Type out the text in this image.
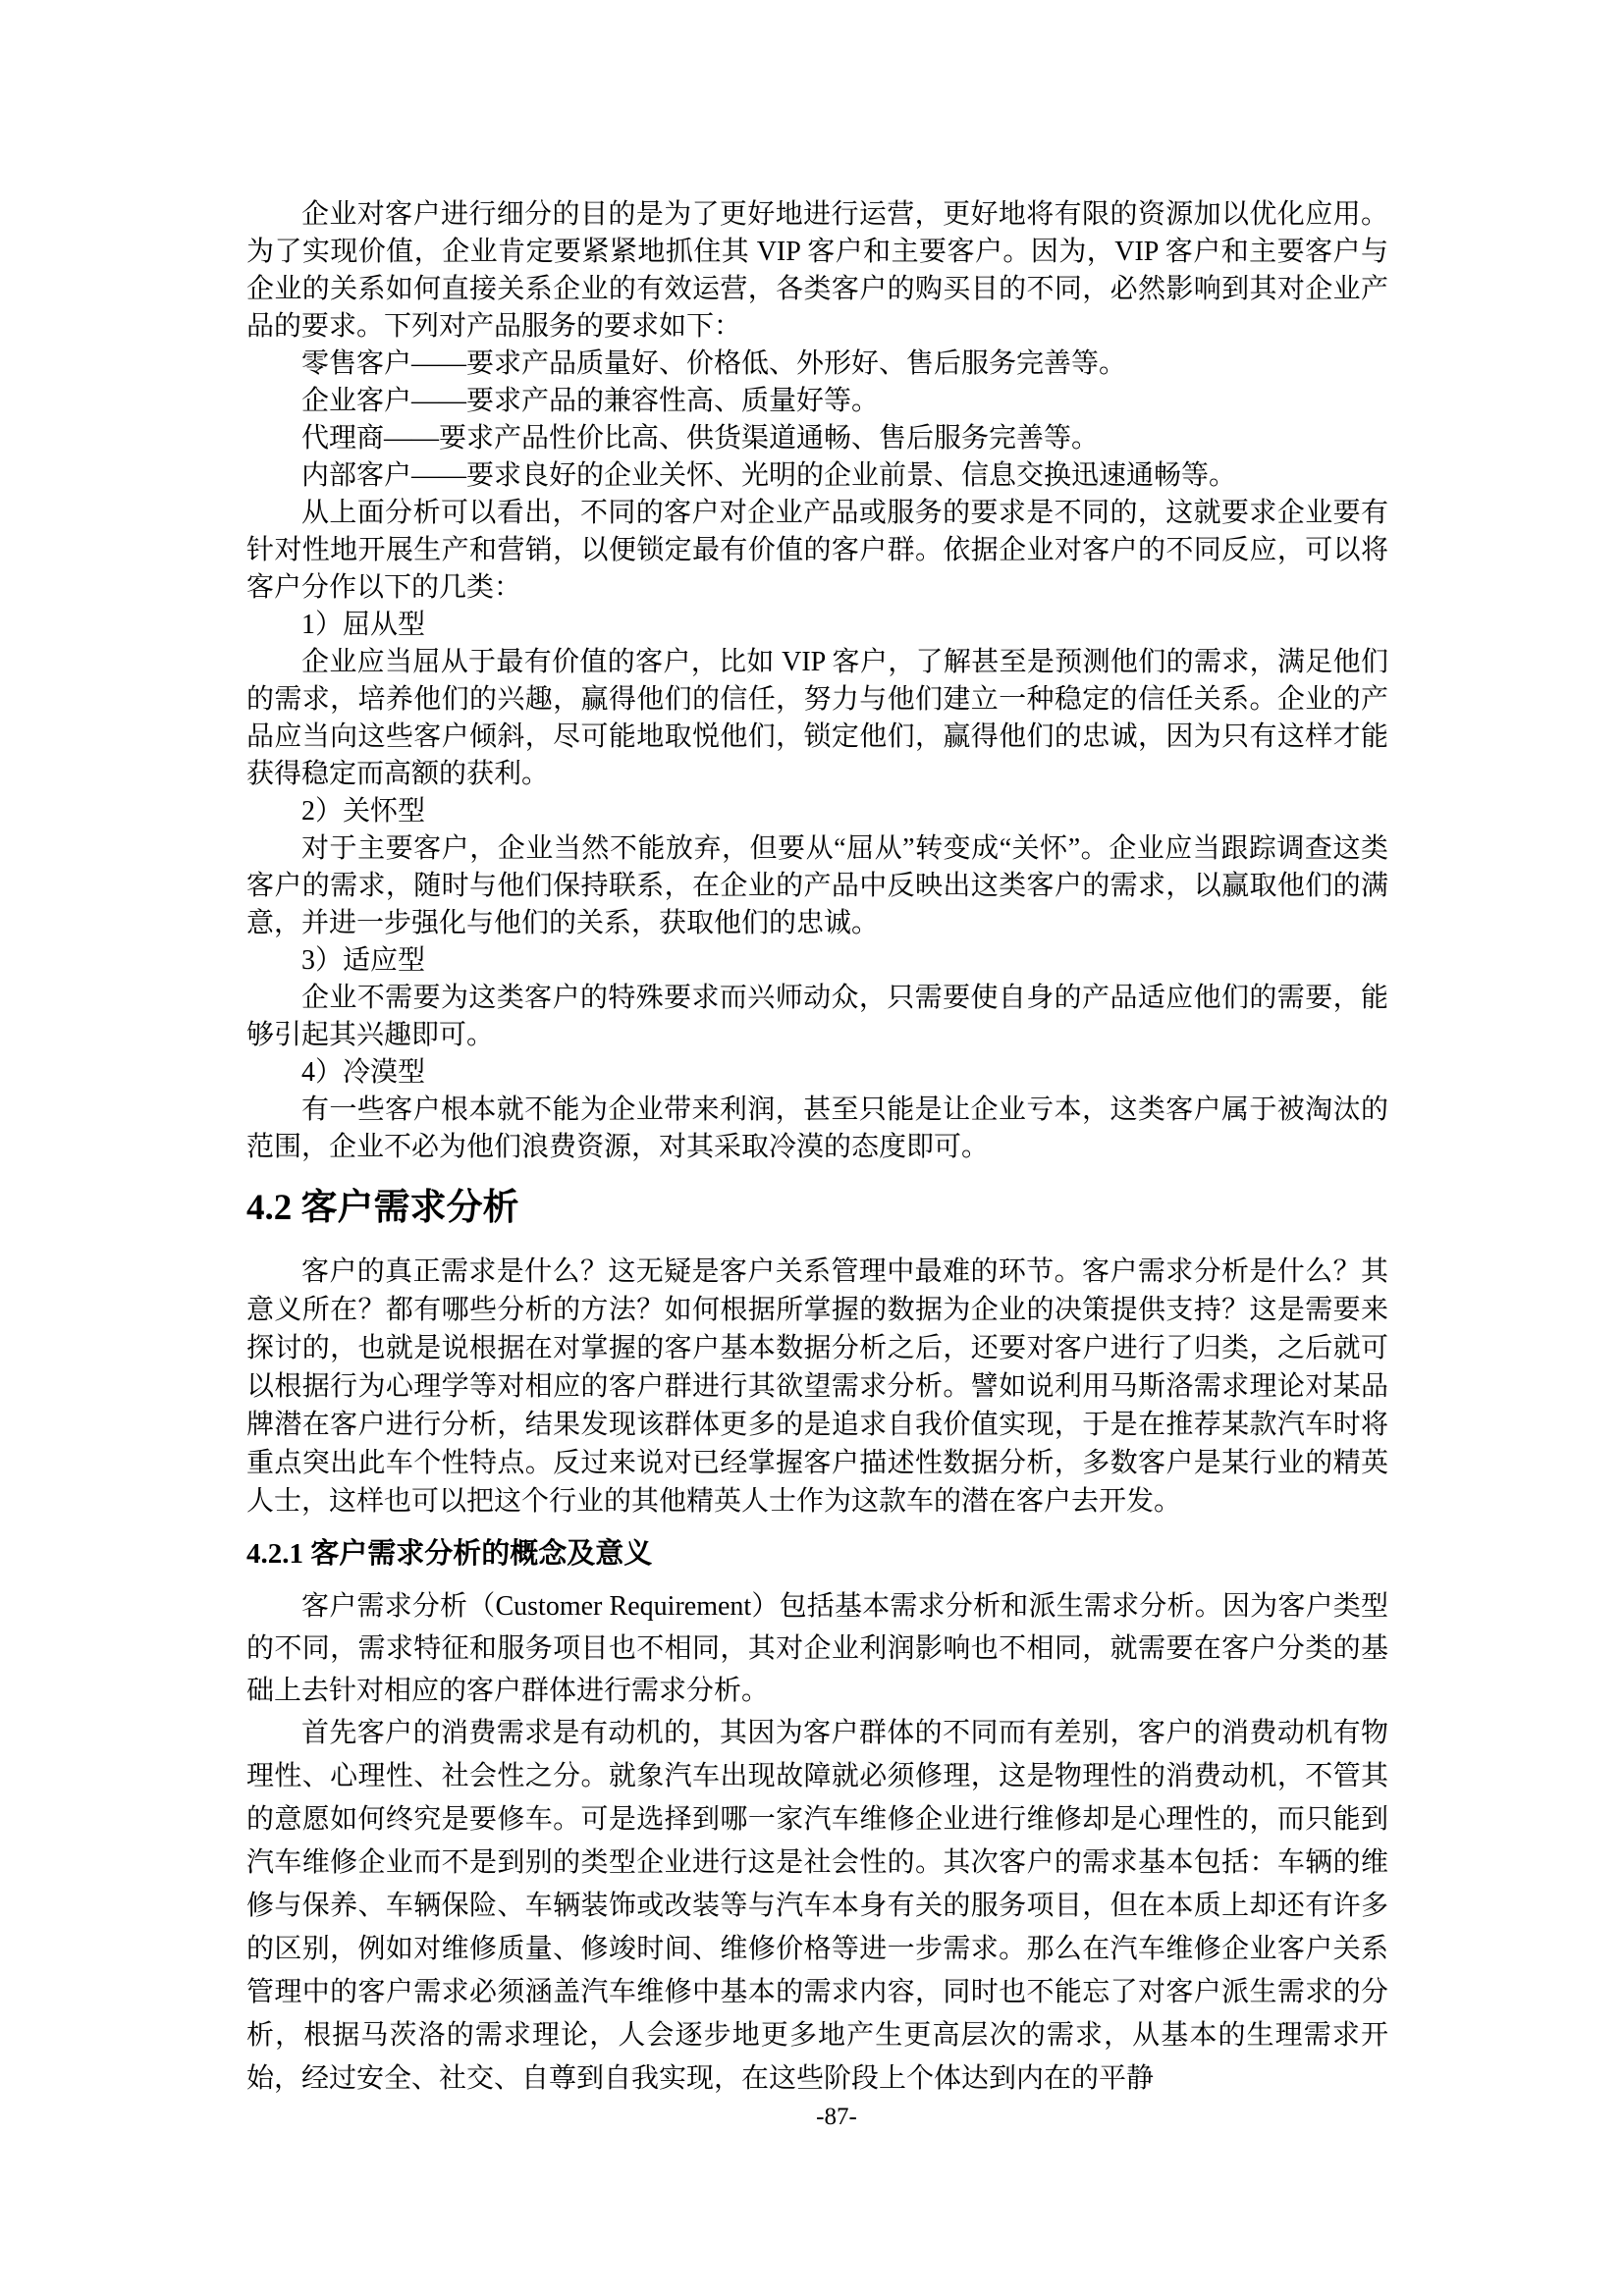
企业对客户进行细分的目的是为了更好地进行运营，更好地将有限的资源加以优化应用。为了实现价值，企业肯定要紧紧地抓住其 VIP 客户和主要客户。因为，VIP 客户和主要客户与企业的关系如何直接关系企业的有效运营，各类客户的购买目的不同，必然影响到其对企业产品的要求。下列对产品服务的要求如下：

零售客户——要求产品质量好、价格低、外形好、售后服务完善等。

企业客户——要求产品的兼容性高、质量好等。

代理商——要求产品性价比高、供货渠道通畅、售后服务完善等。

内部客户——要求良好的企业关怀、光明的企业前景、信息交换迅速通畅等。

从上面分析可以看出，不同的客户对企业产品或服务的要求是不同的，这就要求企业要有针对性地开展生产和营销，以便锁定最有价值的客户群。依据企业对客户的不同反应，可以将客户分作以下的几类：

1）屈从型

企业应当屈从于最有价值的客户，比如 VIP 客户，了解甚至是预测他们的需求，满足他们的需求，培养他们的兴趣，赢得他们的信任，努力与他们建立一种稳定的信任关系。企业的产品应当向这些客户倾斜，尽可能地取悦他们，锁定他们，赢得他们的忠诚，因为只有这样才能获得稳定而高额的获利。

2）关怀型

对于主要客户，企业当然不能放弃，但要从“屈从”转变成“关怀”。企业应当跟踪调查这类客户的需求，随时与他们保持联系，在企业的产品中反映出这类客户的需求，以赢取他们的满意，并进一步强化与他们的关系，获取他们的忠诚。

3）适应型

企业不需要为这类客户的特殊要求而兴师动众，只需要使自身的产品适应他们的需要，能够引起其兴趣即可。

4）冷漠型

有一些客户根本就不能为企业带来利润，甚至只能是让企业亏本，这类客户属于被淘汰的范围，企业不必为他们浪费资源，对其采取冷漠的态度即可。

4.2 客户需求分析

客户的真正需求是什么？这无疑是客户关系管理中最难的环节。客户需求分析是什么？其意义所在？都有哪些分析的方法？如何根据所掌握的数据为企业的决策提供支持？这是需要来探讨的，也就是说根据在对掌握的客户基本数据分析之后，还要对客户进行了归类，之后就可以根据行为心理学等对相应的客户群进行其欲望需求分析。譬如说利用马斯洛需求理论对某品牌潜在客户进行分析，结果发现该群体更多的是追求自我价值实现，于是在推荐某款汽车时将重点突出此车个性特点。反过来说对已经掌握客户描述性数据分析，多数客户是某行业的精英人士，这样也可以把这个行业的其他精英人士作为这款车的潜在客户去开发。

4.2.1 客户需求分析的概念及意义

客户需求分析（Customer Requirement）包括基本需求分析和派生需求分析。因为客户类型的不同，需求特征和服务项目也不相同，其对企业利润影响也不相同，就需要在客户分类的基础上去针对相应的客户群体进行需求分析。

首先客户的消费需求是有动机的，其因为客户群体的不同而有差别，客户的消费动机有物理性、心理性、社会性之分。就象汽车出现故障就必须修理，这是物理性的消费动机，不管其的意愿如何终究是要修车。可是选择到哪一家汽车维修企业进行维修却是心理性的，而只能到汽车维修企业而不是到别的类型企业进行这是社会性的。其次客户的需求基本包括：车辆的维修与保养、车辆保险、车辆装饰或改装等与汽车本身有关的服务项目，但在本质上却还有许多的区别，例如对维修质量、修竣时间、维修价格等进一步需求。那么在汽车维修企业客户关系管理中的客户需求必须涵盖汽车维修中基本的需求内容，同时也不能忘了对客户派生需求的分析，根据马茨洛的需求理论，人会逐步地更多地产生更高层次的需求，从基本的生理需求开始，经过安全、社交、自尊到自我实现，在这些阶段上个体达到内在的平静

-87-
